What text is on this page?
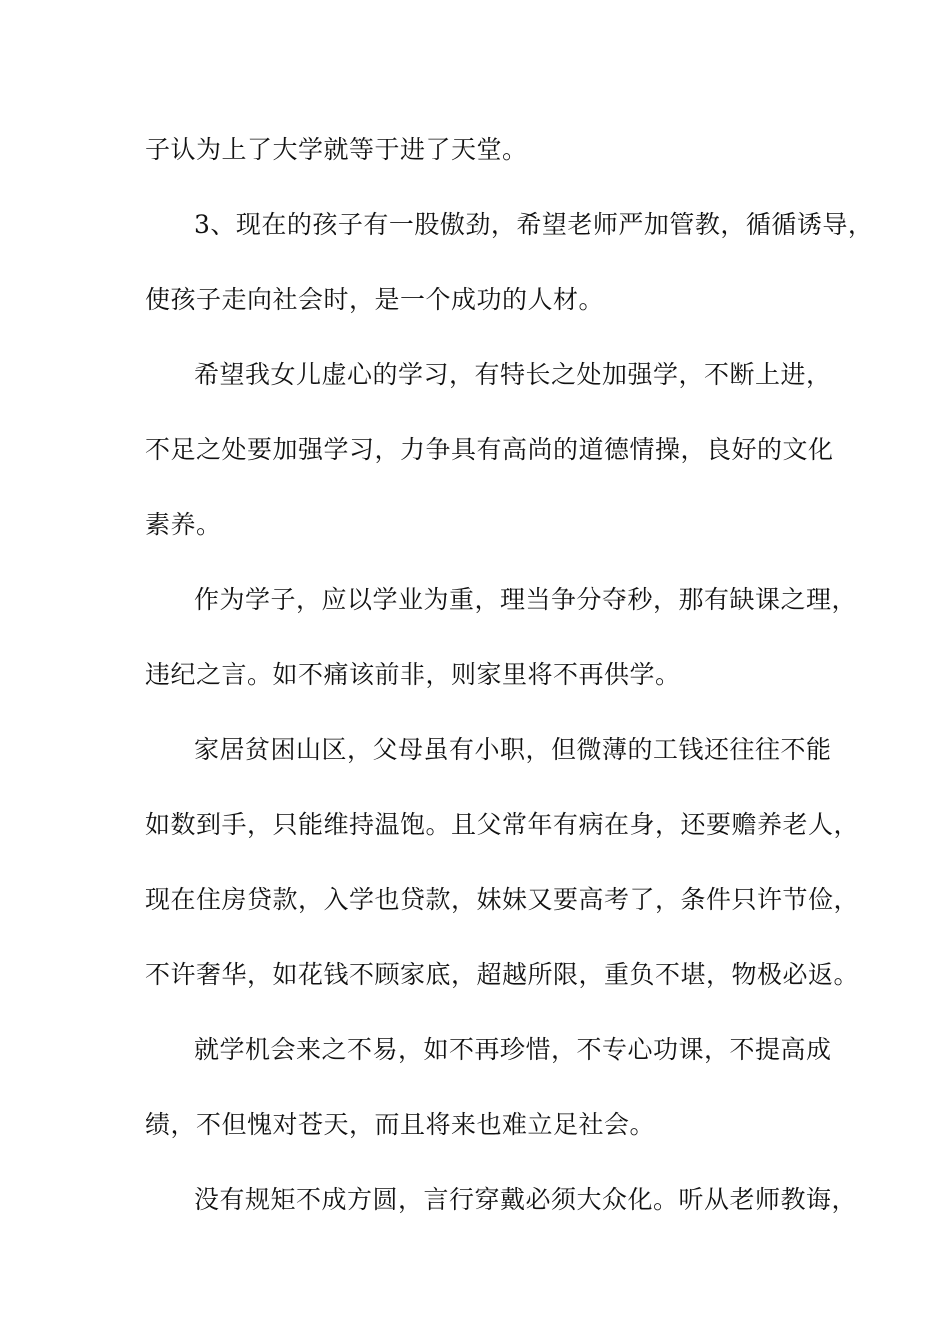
子认为上了大学就等于进了天堂。
3、现在的孩子有一股傲劲，希望老师严加管教，循循诱导，
使孩子走向社会时，是一个成功的人材。
希望我女儿虚心的学习，有特长之处加强学，不断上进，
不足之处要加强学习，力争具有高尚的道德情操，良好的文化
素养。
作为学子，应以学业为重，理当争分夺秒，那有缺课之理，
违纪之言。如不痛该前非，则家里将不再供学。
家居贫困山区，父母虽有小职，但微薄的工钱还往往不能
如数到手，只能维持温饱。且父常年有病在身，还要赡养老人，
现在住房贷款，入学也贷款，妹妹又要高考了，条件只许节俭，
不许奢华，如花钱不顾家底，超越所限，重负不堪，物极必返。
就学机会来之不易，如不再珍惜，不专心功课，不提高成
绩，不但愧对苍天，而且将来也难立足社会。
没有规矩不成方圆，言行穿戴必须大众化。听从老师教诲，
